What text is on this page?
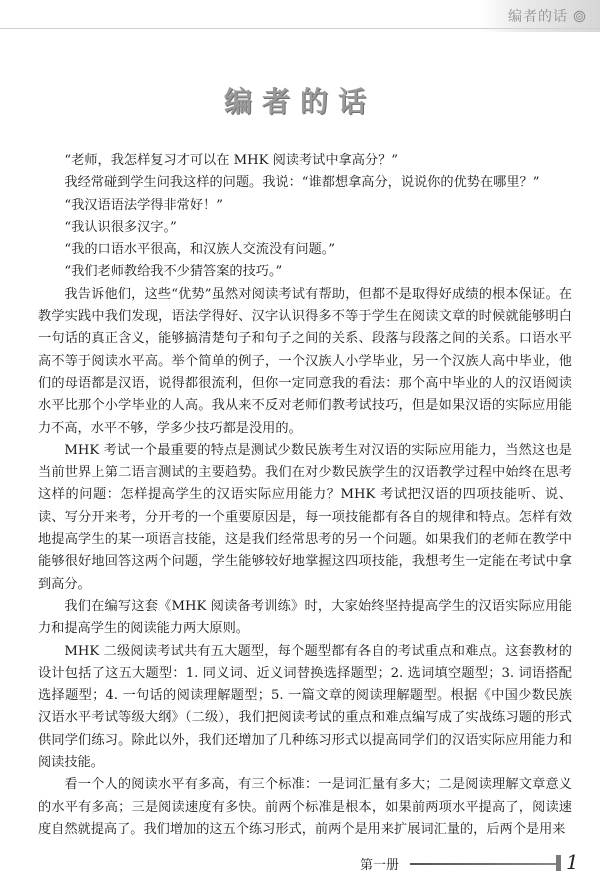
编者的话
编者的话

“老师，我怎样复习才可以在 MHK 阅读考试中拿高分？”

我经常碰到学生问我这样的问题。我说：“谁都想拿高分，说说你的优势在哪里？”

“我汉语语法学得非常好！”

“我认识很多汉字。”

“我的口语水平很高，和汉族人交流没有问题。”

“我们老师教给我不少猜答案的技巧。”

我告诉他们，这些“优势”虽然对阅读考试有帮助，但都不是取得好成绩的根本保证。在教学实践中我们发现，语法学得好、汉字认识得多不等于学生在阅读文章的时候就能够明白一句话的真正含义，能够搞清楚句子和句子之间的关系、段落与段落之间的关系。口语水平高不等于阅读水平高。举个简单的例子，一个汉族人小学毕业，另一个汉族人高中毕业，他们的母语都是汉语，说得都很流利，但你一定同意我的看法：那个高中毕业的人的汉语阅读水平比那个小学毕业的人高。我从来不反对老师们教考试技巧，但是如果汉语的实际应用能力不高，水平不够，学多少技巧都是没用的。

MHK 考试一个最重要的特点是测试少数民族考生对汉语的实际应用能力，当然这也是当前世界上第二语言测试的主要趋势。我们在对少数民族学生的汉语教学过程中始终在思考这样的问题：怎样提高学生的汉语实际应用能力？MHK 考试把汉语的四项技能听、说、读、写分开来考，分开考的一个重要原因是，每一项技能都有各自的规律和特点。怎样有效地提高学生的某一项语言技能，这是我们经常思考的另一个问题。如果我们的老师在教学中能够很好地回答这两个问题，学生能够较好地掌握这四项技能，我想考生一定能在考试中拿到高分。

我们在编写这套《MHK 阅读备考训练》时，大家始终坚持提高学生的汉语实际应用能力和提高学生的阅读能力两大原则。

MHK 二级阅读考试共有五大题型，每个题型都有各自的考试重点和难点。这套教材的设计包括了这五大题型：1. 同义词、近义词替换选择题型；2. 选词填空题型；3. 词语搭配选择题型；4. 一句话的阅读理解题型；5. 一篇文章的阅读理解题型。根据《中国少数民族汉语水平考试等级大纲》（二级），我们把阅读考试的重点和难点编写成了实战练习题的形式供同学们练习。除此以外，我们还增加了几种练习形式以提高同学们的汉语实际应用能力和阅读技能。

看一个人的阅读水平有多高，有三个标准：一是词汇量有多大；二是阅读理解文章意义的水平有多高；三是阅读速度有多快。前两个标准是根本，如果前两项水平提高了，阅读速度自然就提高了。我们增加的这五个练习形式，前两个是用来扩展词汇量的，后两个是用来

第一册	1
